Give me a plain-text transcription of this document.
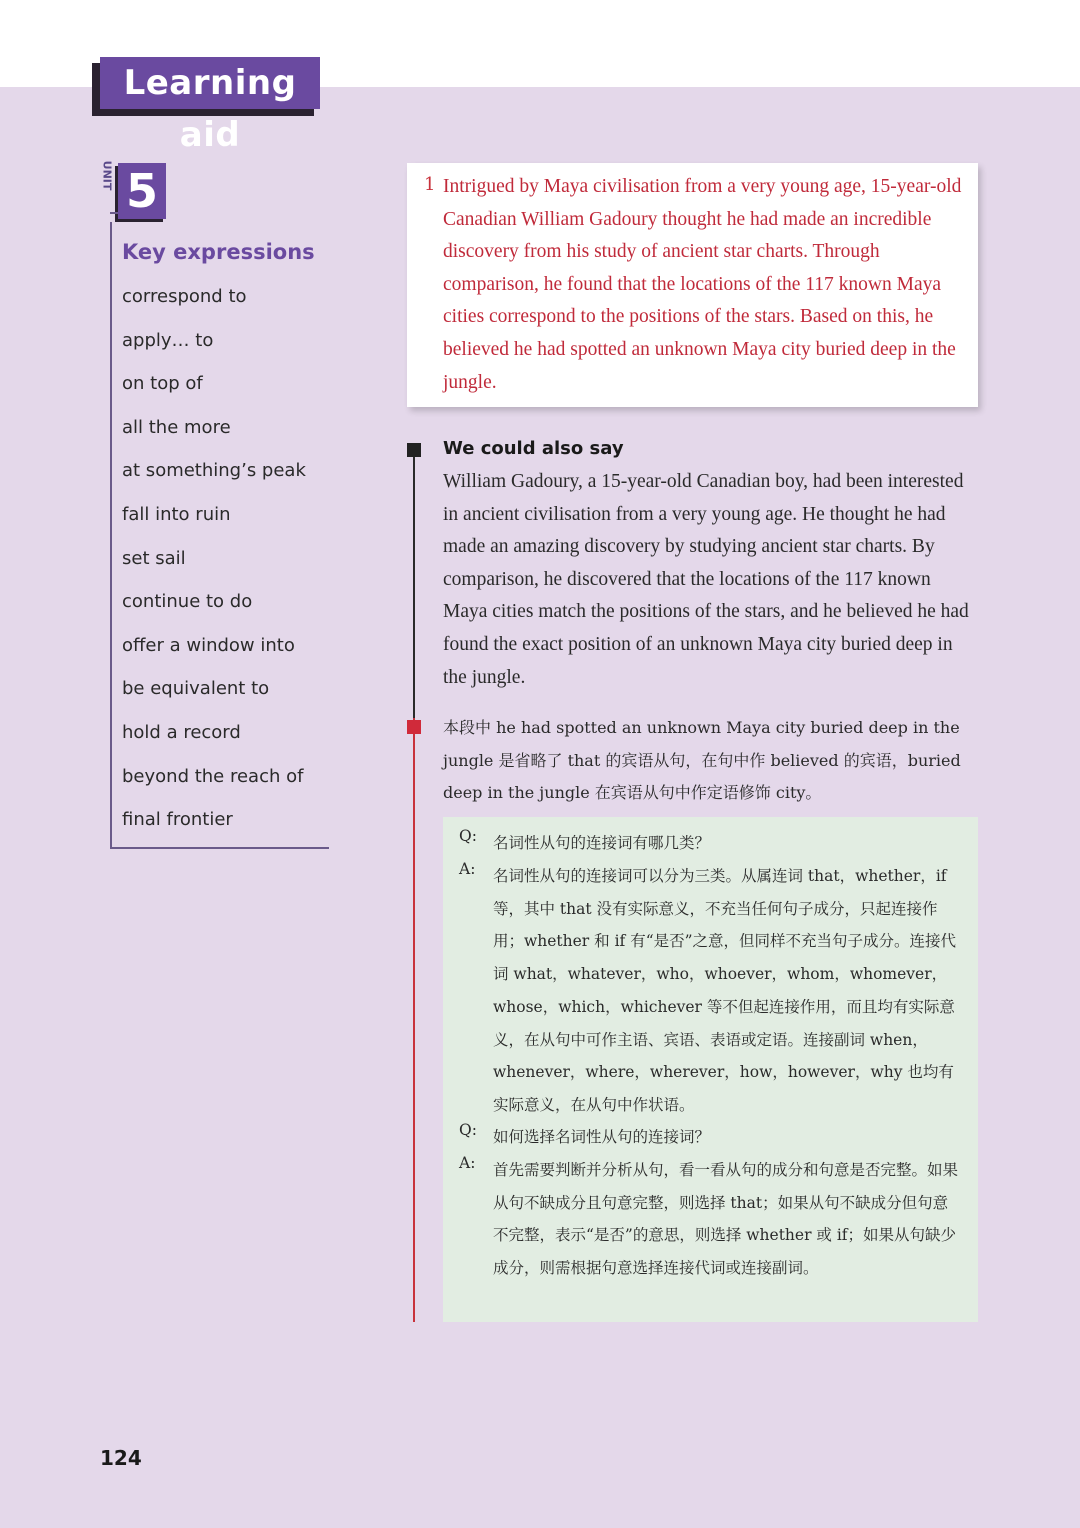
Learning aid
UNIT 5
Key expressions
correspond to
apply… to
on top of
all the more
at something’s peak
fall into ruin
set sail
continue to do
offer a window into
be equivalent to
hold a record
beyond the reach of
final frontier
1 Intrigued by Maya civilisation from a very young age, 15-year-old Canadian William Gadoury thought he had made an incredible discovery from his study of ancient star charts. Through comparison, he found that the locations of the 117 known Maya cities correspond to the positions of the stars. Based on this, he believed he had spotted an unknown Maya city buried deep in the jungle.
We could also say
William Gadoury, a 15-year-old Canadian boy, had been interested in ancient civilisation from a very young age. He thought he had made an amazing discovery by studying ancient star charts. By comparison, he discovered that the locations of the 117 known Maya cities match the positions of the stars, and he believed he had found the exact position of an unknown Maya city buried deep in the jungle.
本段中 he had spotted an unknown Maya city buried deep in the jungle 是省略了 that 的宾语从句，在句中作 believed 的宾语，buried deep in the jungle 在宾语从句中作定语修饰 city。
Q:	名词性从句的连接词有哪几类？
A:	名词性从句的连接词可以分为三类。从属连词 that，whether，if 等，其中 that 没有实际意义，不充当任何句子成分，只起连接作用；whether 和 if 有“是否”之意，但同样不充当句子成分。连接代词 what，whatever，who，whoever，whom，whomever，whose，which，whichever 等不但起连接作用，而且均有实际意义，在从句中可作主语、宾语、表语或定语。连接副词 when，whenever，where，wherever，how，however，why 也均有实际意义，在从句中作状语。
Q:	如何选择名词性从句的连接词？
A:	首先需要判断并分析从句，看一看从句的成分和句意是否完整。如果从句不缺成分且句意完整，则选择 that；如果从句不缺成分但句意不完整，表示“是否”的意思，则选择 whether 或 if；如果从句缺少成分，则需根据句意选择连接代词或连接副词。
124
